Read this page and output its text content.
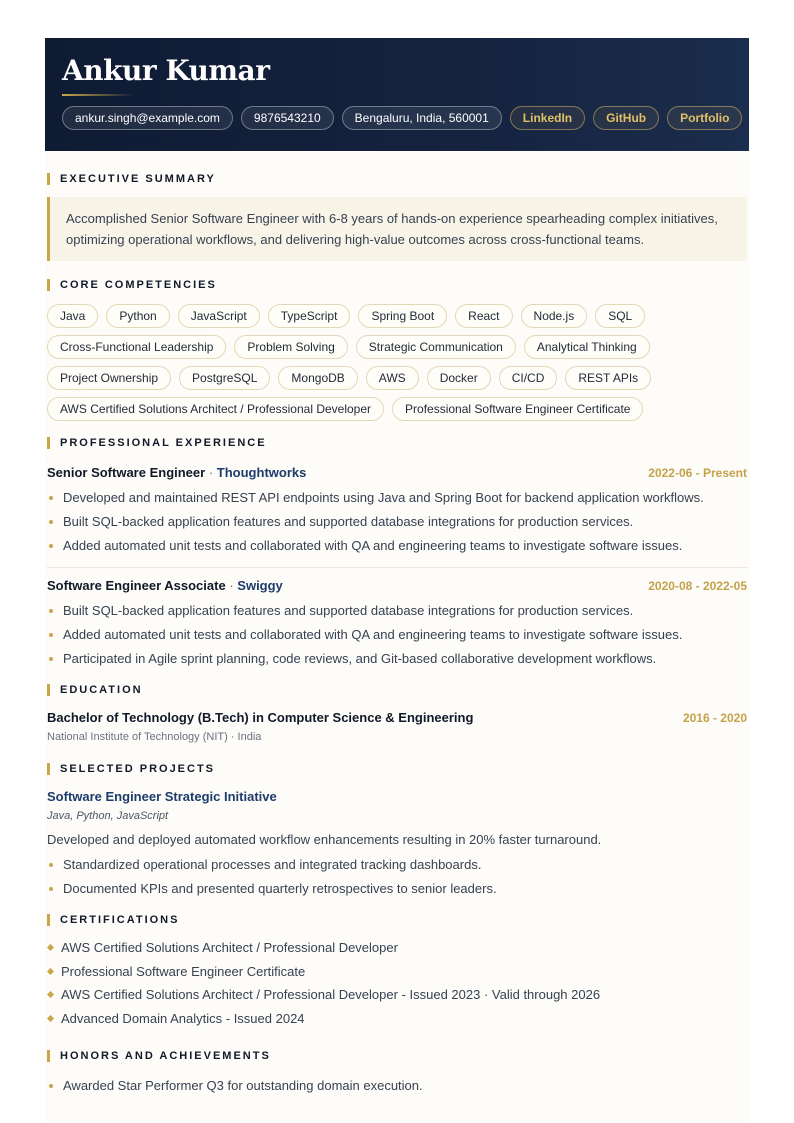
Ankur Kumar
ankur.singh@example.com	9876543210	Bengaluru, India, 560001	LinkedIn	GitHub	Portfolio
EXECUTIVE SUMMARY
Accomplished Senior Software Engineer with 6-8 years of hands-on experience spearheading complex initiatives, optimizing operational workflows, and delivering high-value outcomes across cross-functional teams.
CORE COMPETENCIES
Java	Python	JavaScript	TypeScript	Spring Boot	React	Node.js	SQL
Cross-Functional Leadership	Problem Solving	Strategic Communication	Analytical Thinking
Project Ownership	PostgreSQL	MongoDB	AWS	Docker	CI/CD	REST APIs
AWS Certified Solutions Architect / Professional Developer	Professional Software Engineer Certificate
PROFESSIONAL EXPERIENCE
Senior Software Engineer · Thoughtworks	2022-06 - Present
Developed and maintained REST API endpoints using Java and Spring Boot for backend application workflows.
Built SQL-backed application features and supported database integrations for production services.
Added automated unit tests and collaborated with QA and engineering teams to investigate software issues.
Software Engineer Associate · Swiggy	2020-08 - 2022-05
Built SQL-backed application features and supported database integrations for production services.
Added automated unit tests and collaborated with QA and engineering teams to investigate software issues.
Participated in Agile sprint planning, code reviews, and Git-based collaborative development workflows.
EDUCATION
Bachelor of Technology (B.Tech) in Computer Science & Engineering	2016 - 2020
National Institute of Technology (NIT) · India
SELECTED PROJECTS
Software Engineer Strategic Initiative
Java, Python, JavaScript
Developed and deployed automated workflow enhancements resulting in 20% faster turnaround.
Standardized operational processes and integrated tracking dashboards.
Documented KPIs and presented quarterly retrospectives to senior leaders.
CERTIFICATIONS
AWS Certified Solutions Architect / Professional Developer
Professional Software Engineer Certificate
AWS Certified Solutions Architect / Professional Developer - Issued 2023 · Valid through 2026
Advanced Domain Analytics - Issued 2024
HONORS AND ACHIEVEMENTS
Awarded Star Performer Q3 for outstanding domain execution.
